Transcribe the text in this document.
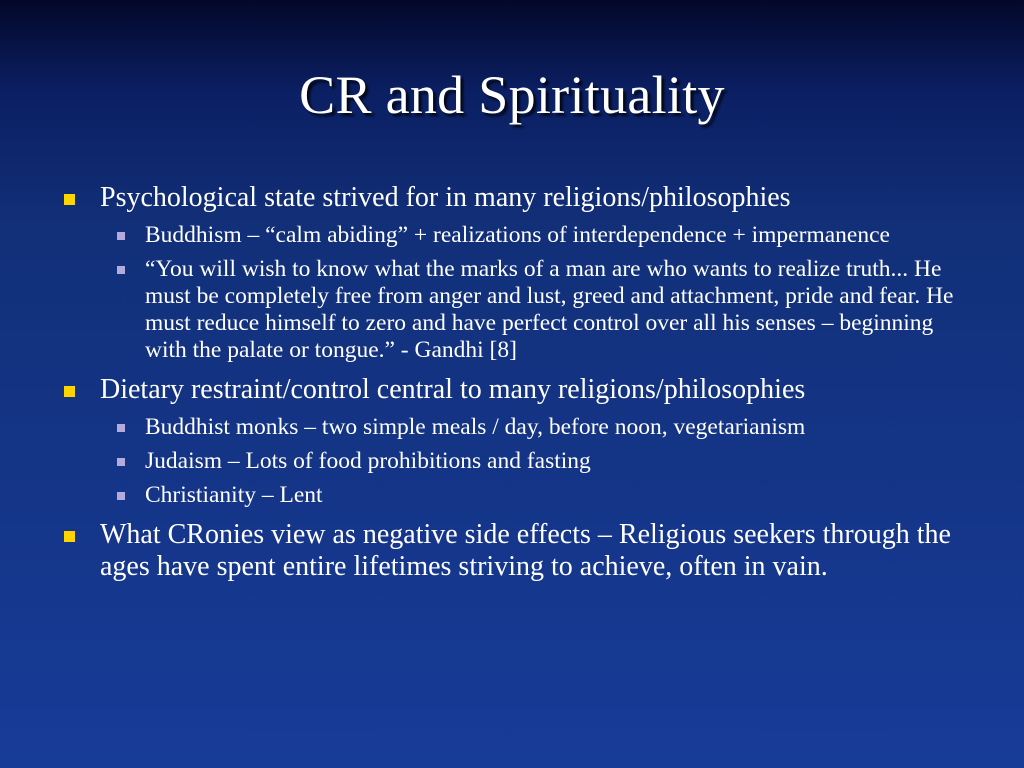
CR and Spirituality
Psychological state strived for in many religions/philosophies
Buddhism – “calm abiding” + realizations of interdependence + impermanence
“You will wish to know what the marks of a man are who wants to realize truth... He must be completely free from anger and lust, greed and attachment, pride and fear. He must reduce himself to zero and have perfect control over all his senses – beginning with the palate or tongue.” - Gandhi [8]
Dietary restraint/control central to many religions/philosophies
Buddhist monks – two simple meals / day, before noon, vegetarianism
Judaism – Lots of food prohibitions and fasting
Christianity – Lent
What CRonies view as negative side effects – Religious seekers through the ages have spent entire lifetimes striving to achieve, often in vain.
